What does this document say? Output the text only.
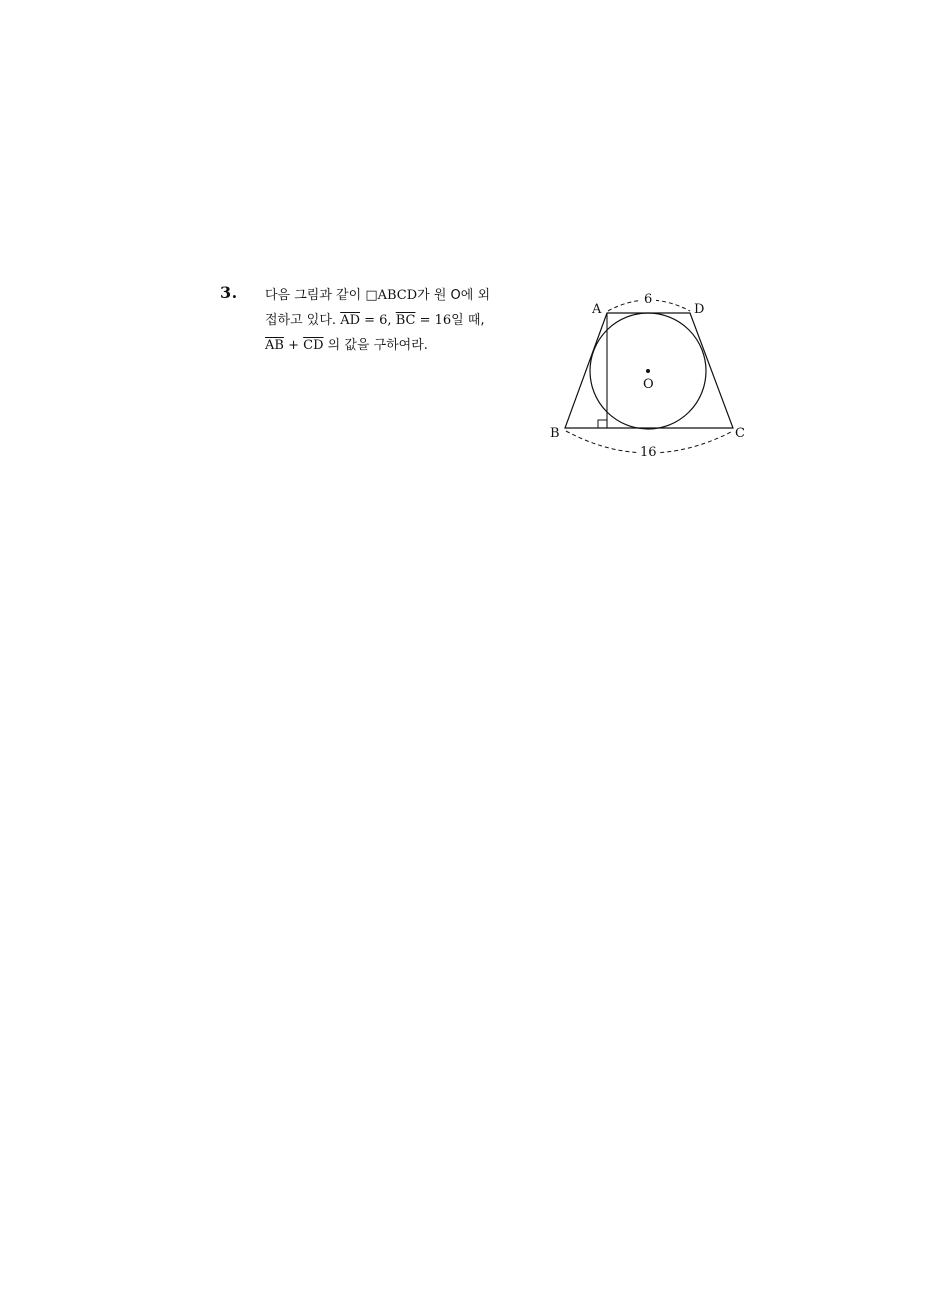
3. 다음 그림과 같이 □ABCD가 원 O에 외
접하고 있다. $\overline{AD} = 6$, $\overline{BC} = 16$일 때,
$\overline{AB} + \overline{CD}$ 의 값을 구하여라.
6
16
A	D
B	C
O
